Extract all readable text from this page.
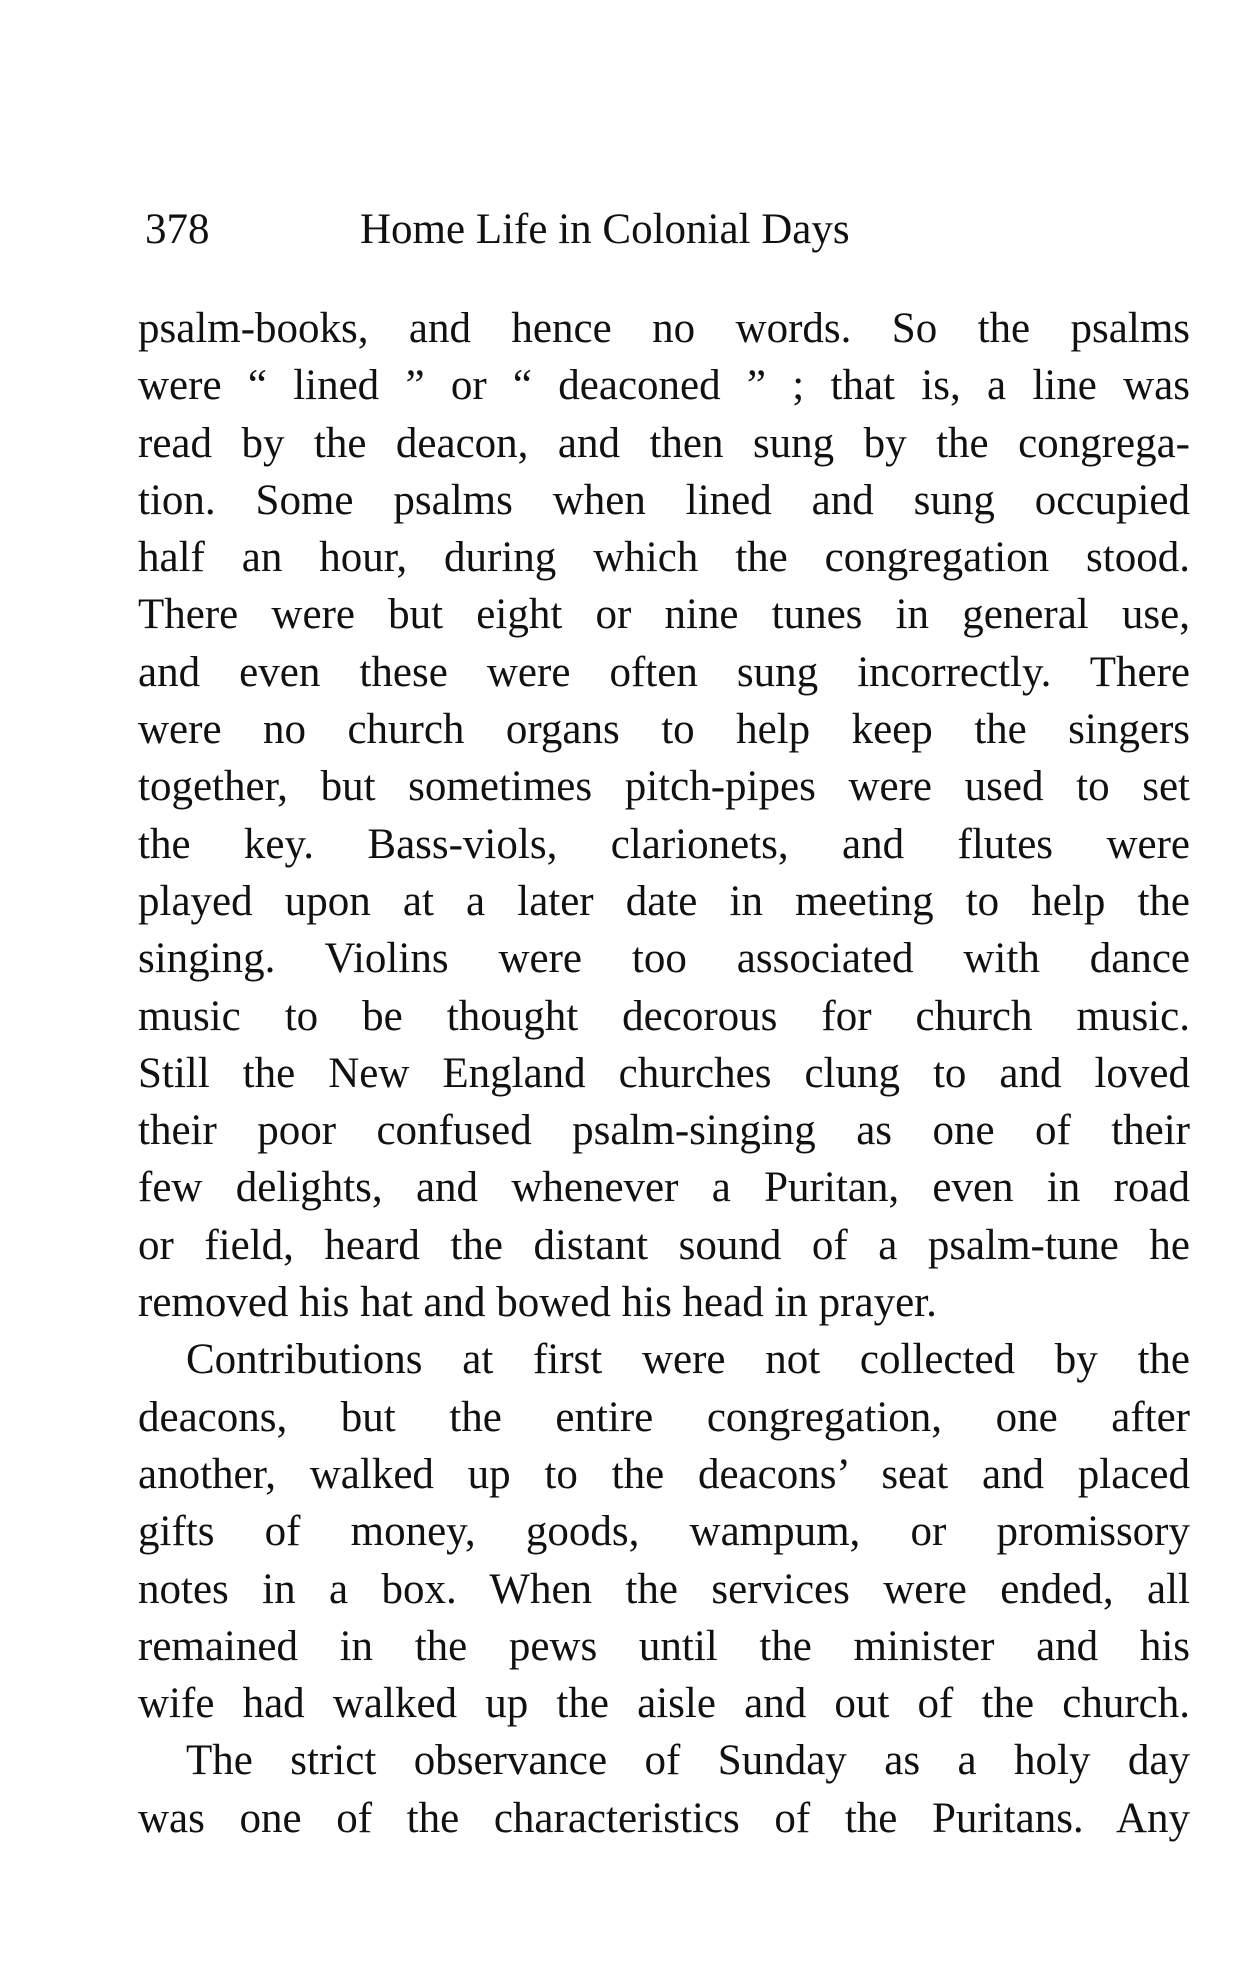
378	Home Life in Colonial Days
psalm-books, and hence no words. So the psalms
were “ lined ” or “ deaconed ” ; that is, a line was
read by the deacon, and then sung by the congrega-
tion. Some psalms when lined and sung occupied
half an hour, during which the congregation stood.
There were but eight or nine tunes in general use,
and even these were often sung incorrectly. There
were no church organs to help keep the singers
together, but sometimes pitch-pipes were used to set
the key. Bass-viols, clarionets, and flutes were
played upon at a later date in meeting to help the
singing. Violins were too associated with dance
music to be thought decorous for church music.
Still the New England churches clung to and loved
their poor confused psalm-singing as one of their
few delights, and whenever a Puritan, even in road
or field, heard the distant sound of a psalm-tune he
removed his hat and bowed his head in prayer.
Contributions at first were not collected by the
deacons, but the entire congregation, one after
another, walked up to the deacons’ seat and placed
gifts of money, goods, wampum, or promissory
notes in a box. When the services were ended, all
remained in the pews until the minister and his
wife had walked up the aisle and out of the church.
The strict observance of Sunday as a holy day
was one of the characteristics of the Puritans. Any
